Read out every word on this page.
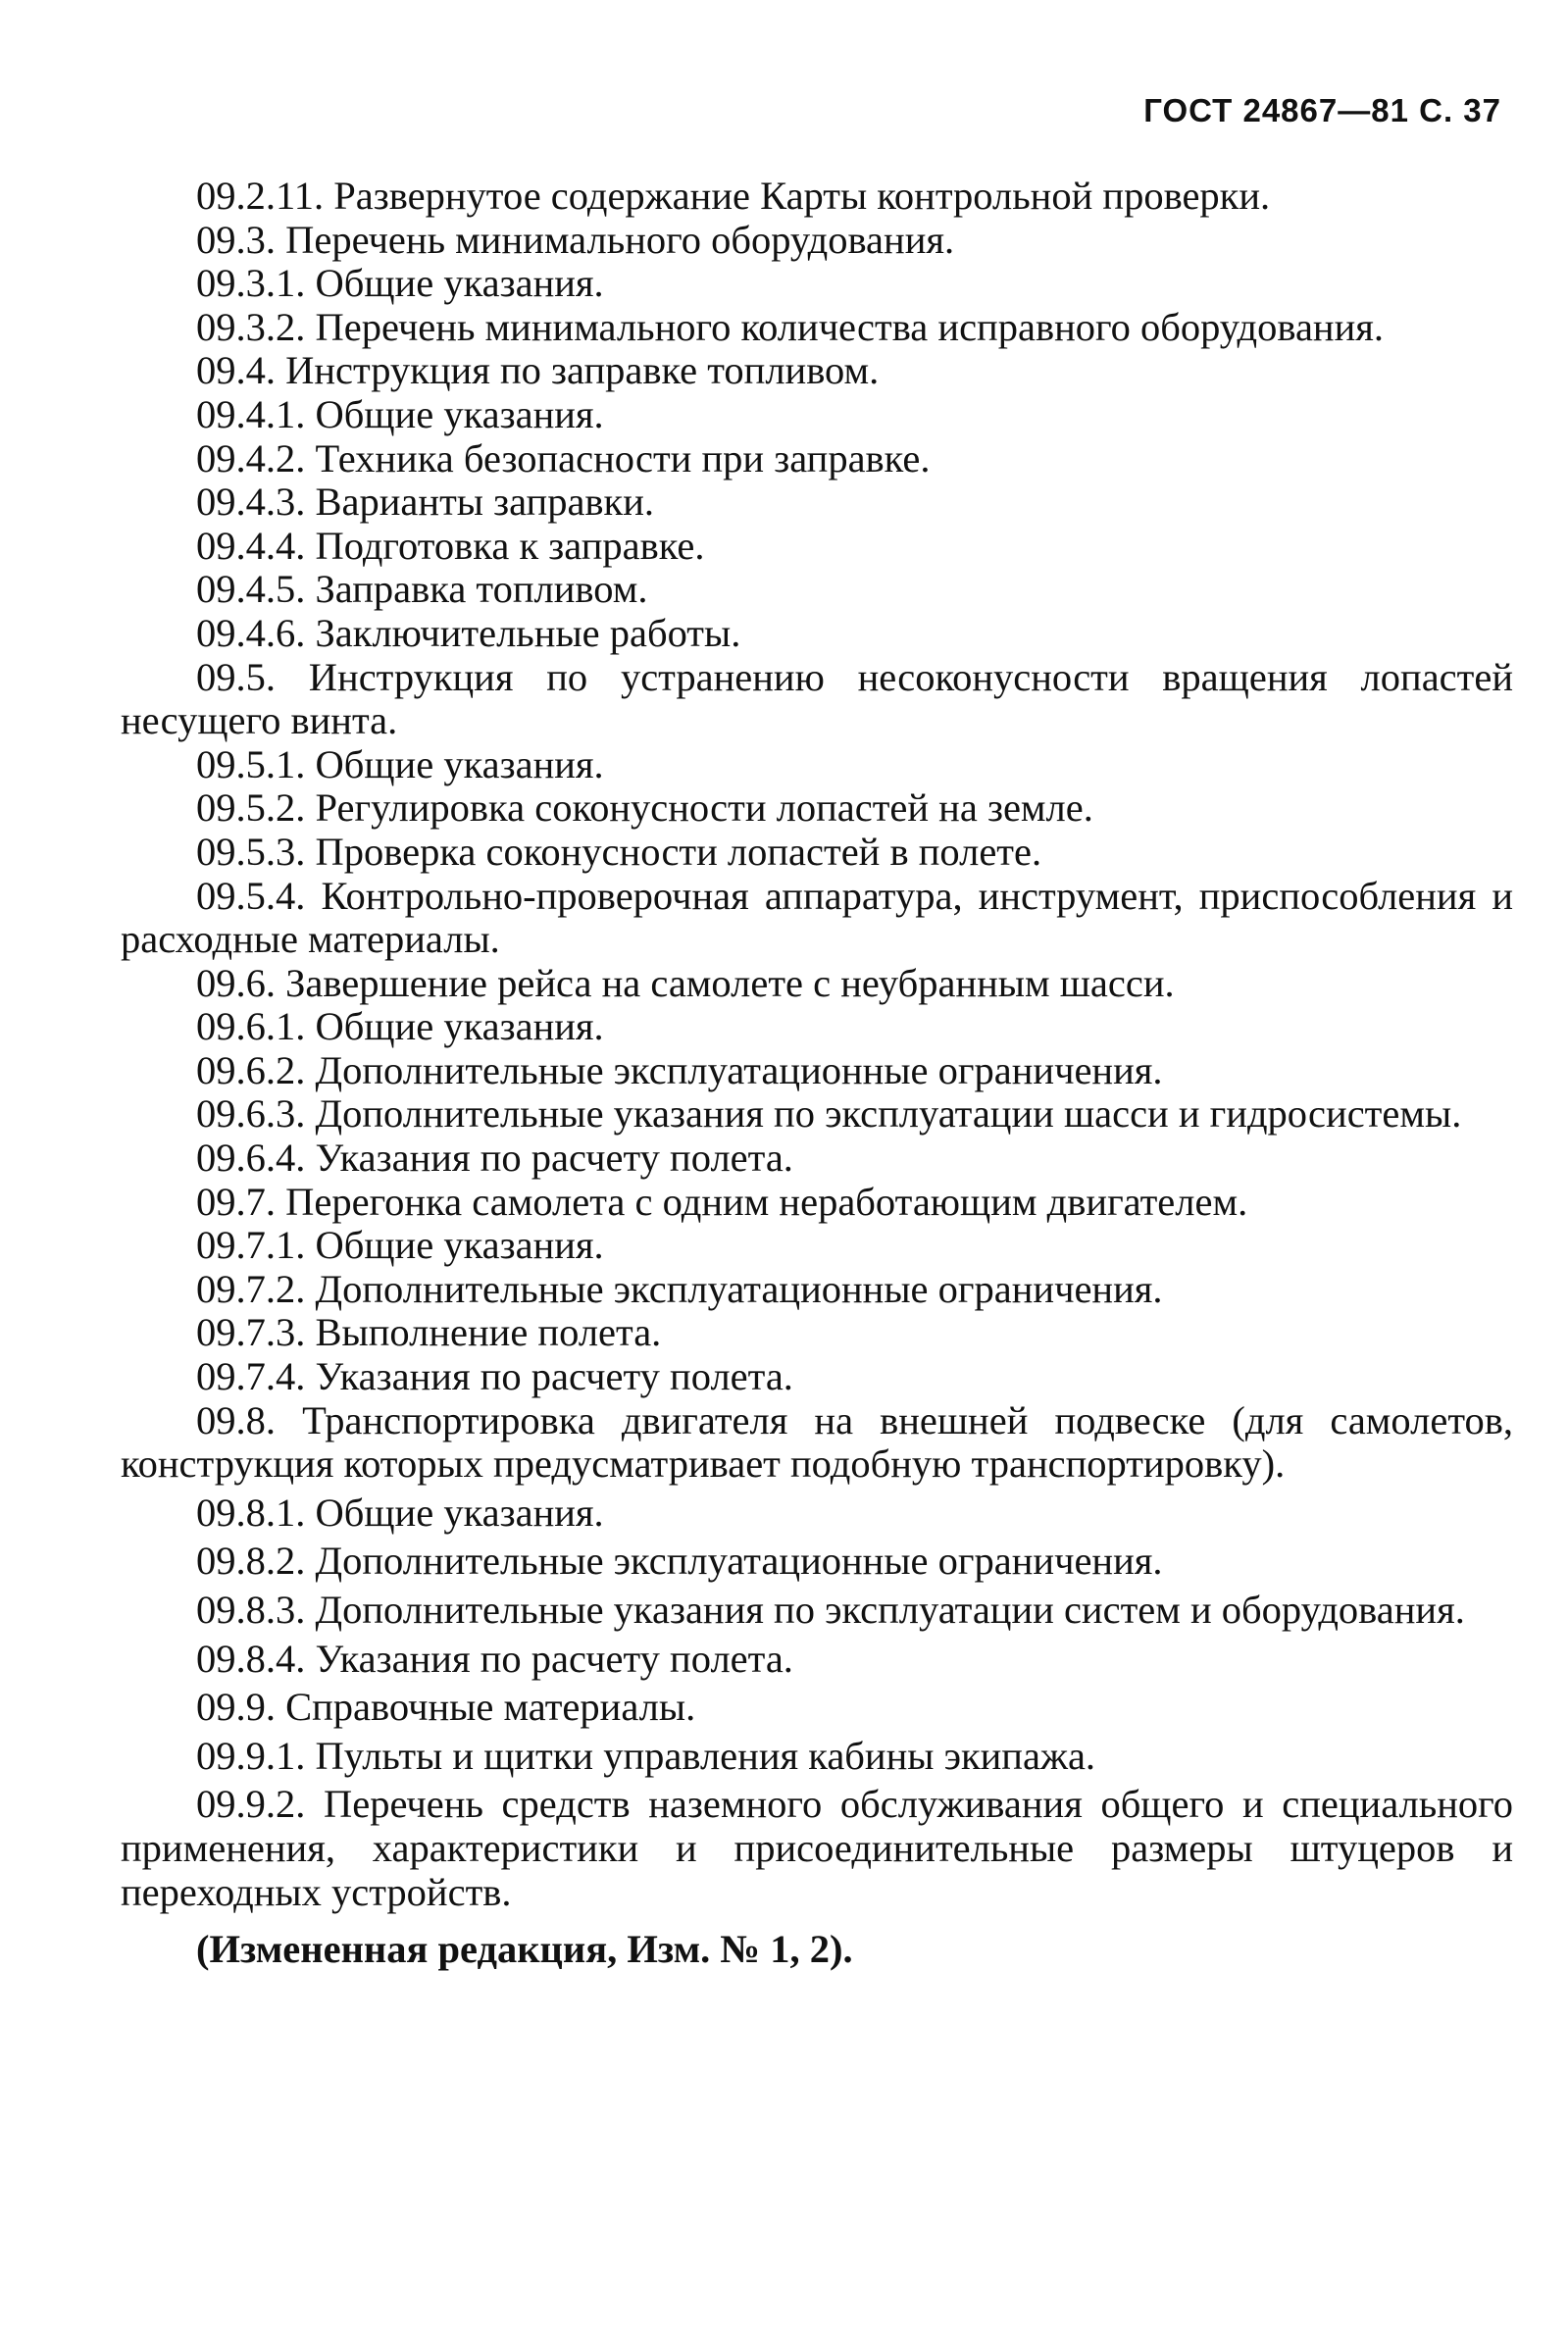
ГОСТ 24867—81 С. 37

09.2.11. Развернутое содержание Карты контрольной проверки.

09.3. Перечень минимального оборудования.

09.3.1. Общие указания.

09.3.2. Перечень минимального количества исправного оборудования.

09.4. Инструкция по заправке топливом.

09.4.1. Общие указания.

09.4.2. Техника безопасности при заправке.

09.4.3. Варианты заправки.

09.4.4. Подготовка к заправке.

09.4.5. Заправка топливом.

09.4.6. Заключительные работы.

09.5. Инструкция по устранению несоконусности вращения лопастей несущего винта.

09.5.1. Общие указания.

09.5.2. Регулировка соконусности лопастей на земле.

09.5.3. Проверка соконусности лопастей в полете.

09.5.4. Контрольно-проверочная аппаратура, инструмент, приспособления и расходные материалы.

09.6. Завершение рейса на самолете с неубранным шасси.

09.6.1. Общие указания.

09.6.2. Дополнительные эксплуатационные ограничения.

09.6.3. Дополнительные указания по эксплуатации шасси и гидросистемы.

09.6.4. Указания по расчету полета.

09.7. Перегонка самолета с одним неработающим двигателем.

09.7.1. Общие указания.

09.7.2. Дополнительные эксплуатационные ограничения.

09.7.3. Выполнение полета.

09.7.4. Указания по расчету полета.

09.8. Транспортировка двигателя на внешней подвеске (для самолетов, конструкция которых предусматривает подобную транспортировку).

09.8.1. Общие указания.

09.8.2. Дополнительные эксплуатационные ограничения.

09.8.3. Дополнительные указания по эксплуатации систем и оборудования.

09.8.4. Указания по расчету полета.

09.9. Справочные материалы.

09.9.1. Пульты и щитки управления кабины экипажа.

09.9.2. Перечень средств наземного обслуживания общего и специального применения, характеристики и присоединительные размеры штуцеров и переходных устройств.

(Измененная редакция, Изм. № 1, 2).
